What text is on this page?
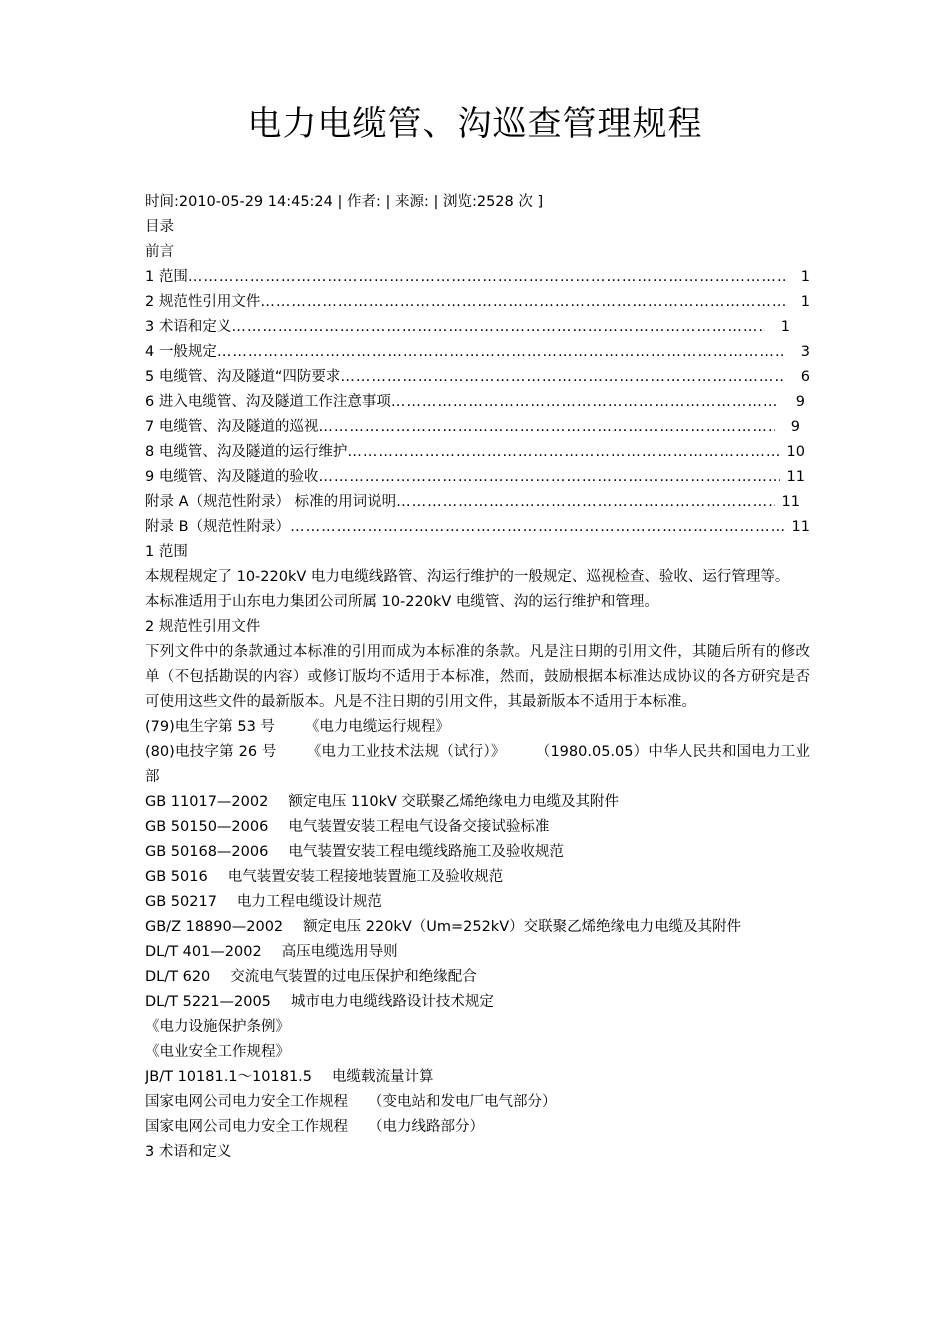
电力电缆管、沟巡查管理规程
时间:2010-05-29 14:45:24 | 作者: | 来源: | 浏览:2528 次 ]
目录
前言
1 范围 ……………………………………………………………………………………………………………………………………………………………………………………………………………………	1
2 规范性引用文件 ……………………………………………………………………………………………………………………………………………………………………………………………………………………	1
3 术语和定义 ……………………………………………………………………………………………………………………………………………………………………………………………………………………	1
4 一般规定 ……………………………………………………………………………………………………………………………………………………………………………………………………………………	3
5 电缆管、沟及隧道“四防要求 ……………………………………………………………………………………………………………………………………………………………………………………………………………………	6
6 进入电缆管、沟及隧道工作注意事项 ……………………………………………………………………………………………………………………………………………………………………………………………………………………	9
7 电缆管、沟及隧道的巡视 ……………………………………………………………………………………………………………………………………………………………………………………………………………………	9
8 电缆管、沟及隧道的运行维护 ……………………………………………………………………………………………………………………………………………………………………………………………………………………	10
9 电缆管、沟及隧道的验收 ……………………………………………………………………………………………………………………………………………………………………………………………………………………	11
附录 A（规范性附录） 标准的用词说明 ……………………………………………………………………………………………………………………………………………………………………………………………………………………	11
附录 B（规范性附录） ……………………………………………………………………………………………………………………………………………………………………………………………………………………	11
1 范围
本规程规定了 10-220kV 电力电缆线路管、沟运行维护的一般规定、巡视检查、验收、运行管理等。
本标准适用于山东电力集团公司所属 10-220kV 电缆管、沟的运行维护和管理。
2 规范性引用文件
下列文件中的条款通过本标准的引用而成为本标准的条款。凡是注日期的引用文件，其随后所有的修改单（不包括勘误的内容）或修订版均不适用于本标准，然而，鼓励根据本标准达成协议的各方研究是否可使用这些文件的最新版本。凡是不注日期的引用文件，其最新版本不适用于本标准。
(79)电生字第 53 号 《电力电缆运行规程》
(80)电技字第 26 号 《电力工业技术法规（试行）》 （1980.05.05）中华人民共和国电力工业部
GB 11017—2002 额定电压 110kV 交联聚乙烯绝缘电力电缆及其附件
GB 50150—2006 电气装置安装工程电气设备交接试验标准
GB 50168—2006 电气装置安装工程电缆线路施工及验收规范
GB 5016 电气装置安装工程接地装置施工及验收规范
GB 50217 电力工程电缆设计规范
GB/Z 18890—2002 额定电压 220kV（Um=252kV）交联聚乙烯绝缘电力电缆及其附件
DL/T 401—2002 高压电缆选用导则
DL/T 620 交流电气装置的过电压保护和绝缘配合
DL/T 5221—2005 城市电力电缆线路设计技术规定
《电力设施保护条例》
《电业安全工作规程》
JB/T 10181.1～10181.5 电缆载流量计算
国家电网公司电力安全工作规程 （变电站和发电厂电气部分）
国家电网公司电力安全工作规程 （电力线路部分）
3 术语和定义
